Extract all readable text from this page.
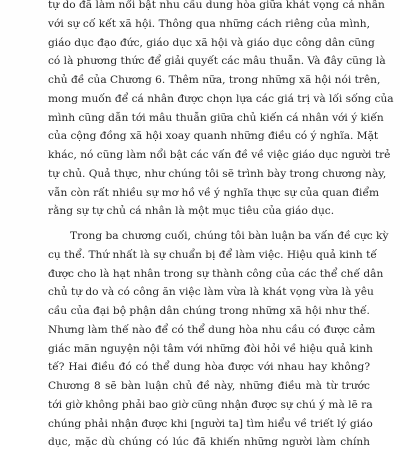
tự do đã làm nổi bật nhu cầu dung hòa giữa khát vọng cá nhân
với sự cố kết xã hội. Thông qua những cách riêng của mình,
giáo dục đạo đức, giáo dục xã hội và giáo dục công dân cũng
có là phương thức để giải quyết các mâu thuẫn. Và đây cũng là
chủ đề của Chương 6. Thêm nữa, trong những xã hội nói trên,
mong muốn để cá nhân được chọn lựa các giá trị và lối sống của
mình cũng dẫn tới mâu thuẫn giữa chủ kiến cá nhân với ý kiến
của cộng đồng xã hội xoay quanh những điều có ý nghĩa. Mặt
khác, nó cũng làm nổi bật các vấn đề về việc giáo dục người trẻ
tự chủ. Quả thực, như chúng tôi sẽ trình bày trong chương này,
vẫn còn rất nhiều sự mơ hồ về ý nghĩa thực sự của quan điểm
rằng sự tự chủ cá nhân là một mục tiêu của giáo dục.
Trong ba chương cuối, chúng tôi bàn luận ba vấn đề cực kỳ
cụ thể. Thứ nhất là sự chuẩn bị để làm việc. Hiệu quả kinh tế
được cho là hạt nhân trong sự thành công của các thể chế dân
chủ tự do và có công ăn việc làm vừa là khát vọng vừa là yêu
cầu của đại bộ phận dân chúng trong những xã hội như thế.
Nhưng làm thế nào để có thể dung hòa nhu cầu có được cảm
giác mãn nguyện nội tâm với những đòi hỏi về hiệu quả kinh
tế? Hai điều đó có thể dung hòa được với nhau hay không?
Chương 8 sẽ bàn luận chủ đề này, những điều mà từ trước
tới giờ không phải bao giờ cũng nhận được sự chú ý mà lẽ ra
chúng phải nhận được khi [người ta] tìm hiểu về triết lý giáo
dục, mặc dù chúng có lúc đã khiến những người làm chính
